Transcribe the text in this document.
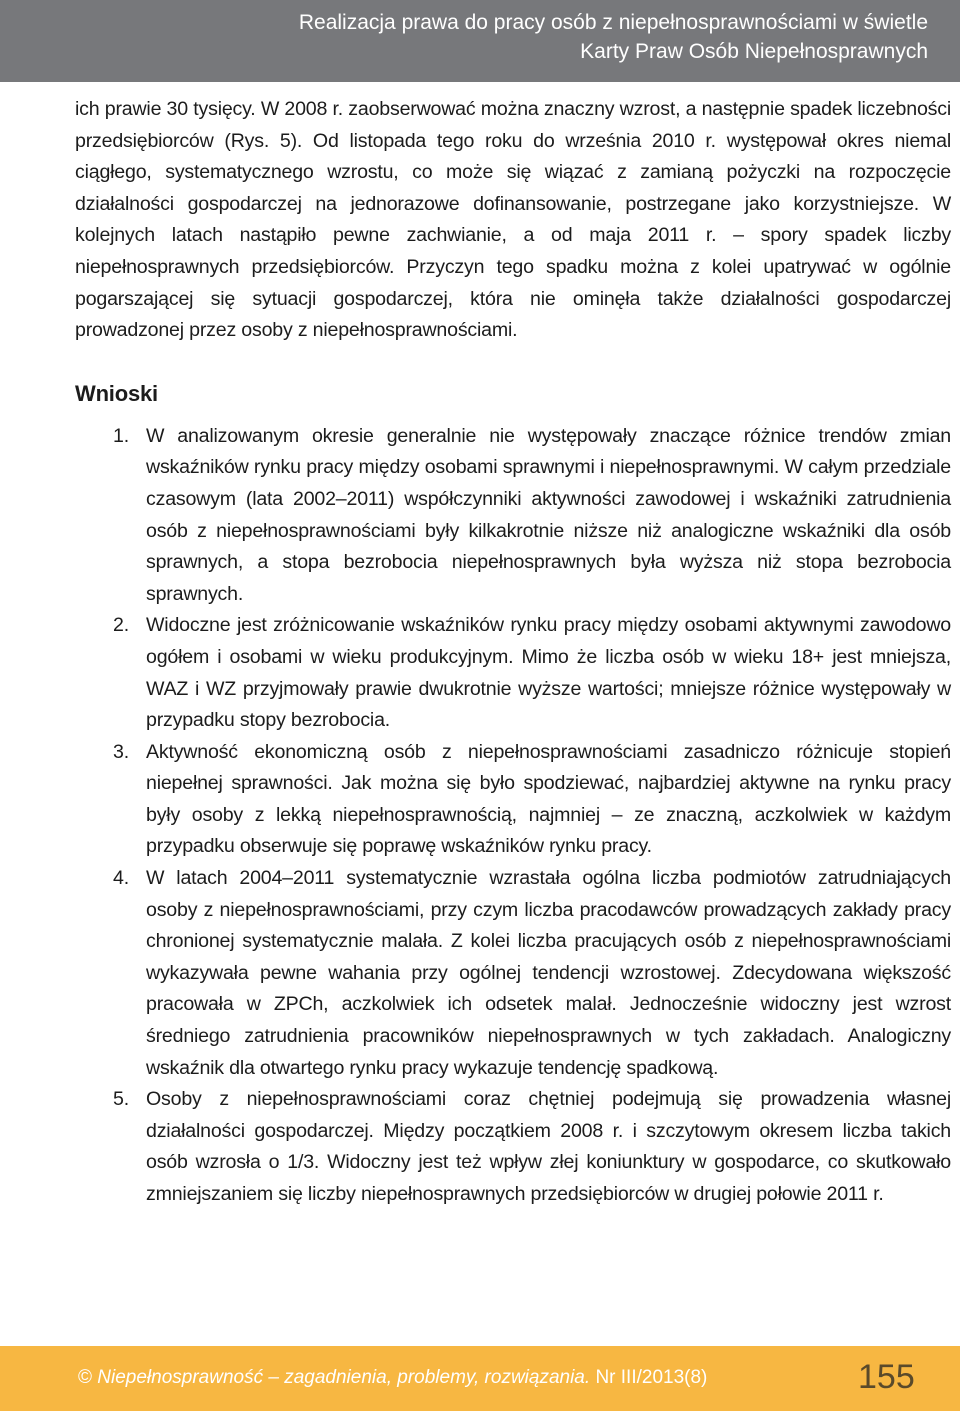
Realizacja prawa do pracy osób z niepełnosprawnościami w świetle
Karty Praw Osób Niepełnosprawnych

ich prawie 30 tysięcy. W 2008 r. zaobserwować można znaczny wzrost, a następnie spadek liczebności przedsiębiorców (Rys. 5). Od listopada tego roku do września 2010 r. występował okres niemal ciągłego, systematycznego wzrostu, co może się wiązać z zamianą pożyczki na rozpoczęcie działalności gospodarczej na jednorazowe dofinansowanie, postrzegane jako korzystniejsze. W kolejnych latach nastąpiło pewne zachwianie, a od maja 2011 r. – spory spadek liczby niepełnosprawnych przedsiębiorców. Przyczyn tego spadku można z kolei upatrywać w ogólnie pogarszającej się sytuacji gospodarczej, która nie ominęła także działalności gospodarczej prowadzonej przez osoby z niepełnosprawnościami.

Wnioski
1. W analizowanym okresie generalnie nie występowały znaczące różnice trendów zmian wskaźników rynku pracy między osobami sprawnymi i niepełnosprawnymi. W całym przedziale czasowym (lata 2002–2011) współczynniki aktywności zawodowej i wskaźniki zatrudnienia osób z niepełnosprawnościami były kilkakrotnie niższe niż analogiczne wskaźniki dla osób sprawnych, a stopa bezrobocia niepełnosprawnych była wyższa niż stopa bezrobocia sprawnych.
2. Widoczne jest zróżnicowanie wskaźników rynku pracy między osobami aktywnymi zawodowo ogółem i osobami w wieku produkcyjnym. Mimo że liczba osób w wieku 18+ jest mniejsza, WAZ i WZ przyjmowały prawie dwukrotnie wyższe wartości; mniejsze różnice występowały w przypadku stopy bezrobocia.
3. Aktywność ekonomiczną osób z niepełnosprawnościami zasadniczo różnicuje stopień niepełnej sprawności. Jak można się było spodziewać, najbardziej aktywne na rynku pracy były osoby z lekką niepełnosprawnością, najmniej – ze znaczną, aczkolwiek w każdym przypadku obserwuje się poprawę wskaźników rynku pracy.
4. W latach 2004–2011 systematycznie wzrastała ogólna liczba podmiotów zatrudniających osoby z niepełnosprawnościami, przy czym liczba pracodawców prowadzących zakłady pracy chronionej systematycznie malała. Z kolei liczba pracujących osób z niepełnosprawnościami wykazywała pewne wahania przy ogólnej tendencji wzrostowej. Zdecydowana większość pracowała w ZPCh, aczkolwiek ich odsetek malał. Jednocześnie widoczny jest wzrost średniego zatrudnienia pracowników niepełnosprawnych w tych zakładach. Analogiczny wskaźnik dla otwartego rynku pracy wykazuje tendencję spadkową.
5. Osoby z niepełnosprawnościami coraz chętniej podejmują się prowadzenia własnej działalności gospodarczej. Między początkiem 2008 r. i szczytowym okresem liczba takich osób wzrosła o 1/3. Widoczny jest też wpływ złej koniunktury w gospodarce, co skutkowało zmniejszaniem się liczby niepełnosprawnych przedsiębiorców w drugiej połowie 2011 r.
© Niepełnosprawność – zagadnienia, problemy, rozwiązania. Nr III/2013(8)	155
